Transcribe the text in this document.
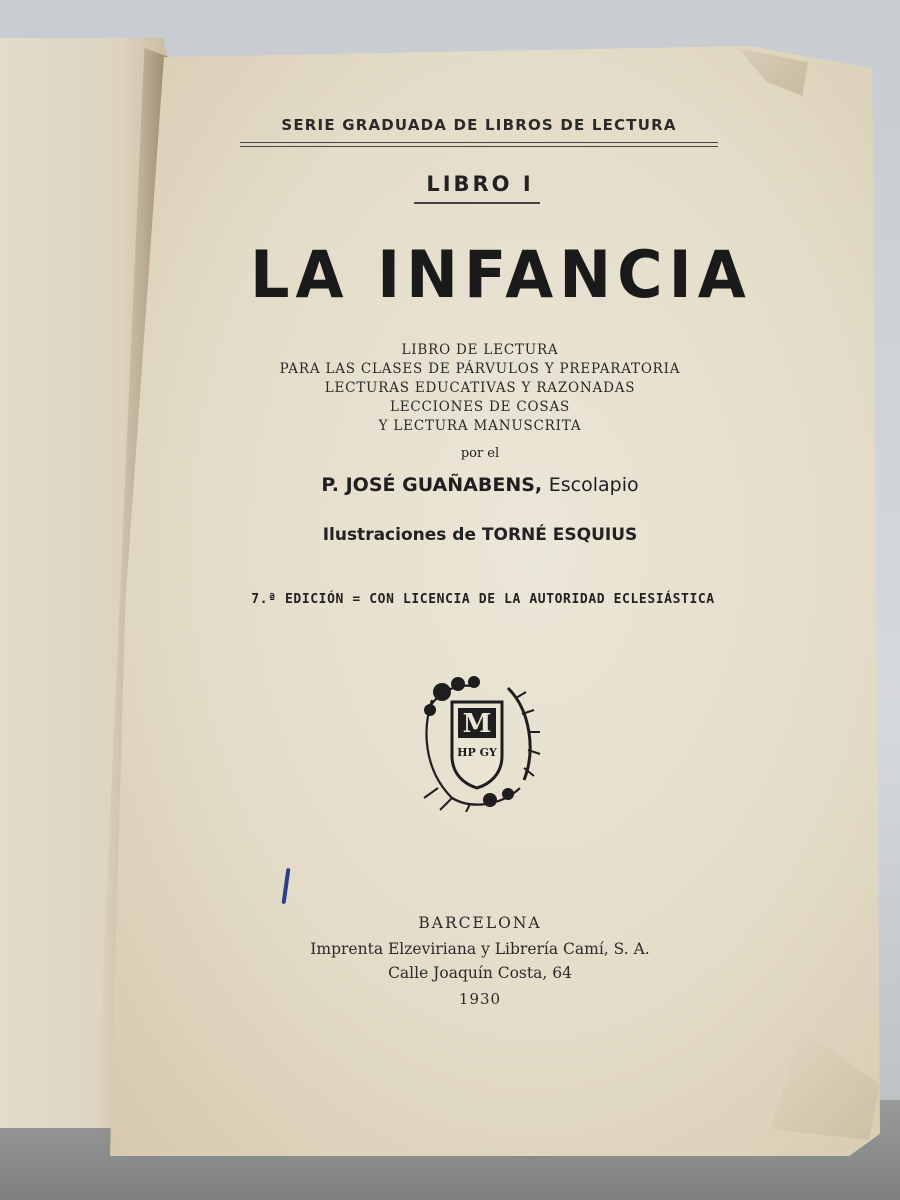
SERIE GRADUADA DE LIBROS DE LECTURA
LIBRO I
LA INFANCIA
LIBRO DE LECTURA
PARA LAS CLASES DE PÁRVULOS Y PREPARATORIA
LECTURAS EDUCATIVAS Y RAZONADAS
LECCIONES DE COSAS
Y LECTURA MANUSCRITA
por el
P. JOSÉ GUAÑABENS, Escolapio
Ilustraciones de TORNÉ ESQUIUS
7.ª EDICIÓN = CON LICENCIA DE LA AUTORIDAD ECLESIÁSTICA
M
HP GY
BARCELONA
Imprenta Elzeviriana y Librería Camí, S. A.
Calle Joaquín Costa, 64
1930
